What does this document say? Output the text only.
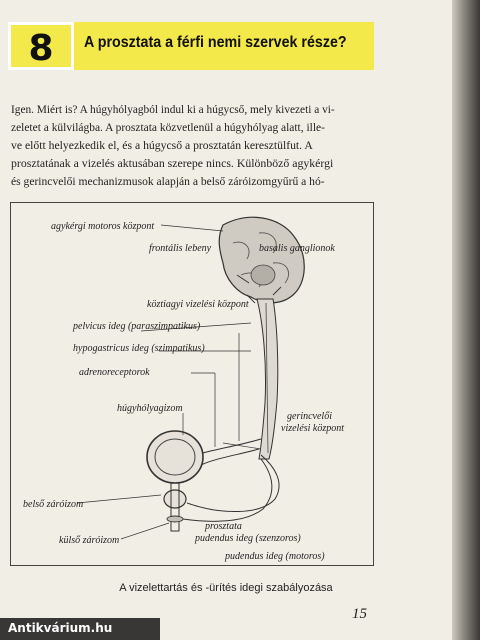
8	A prosztata a férfi nemi szervek része?
Igen. Miért is? A húgyhólyagból indul ki a húgycső, mely kivezeti a vi-
zeletet a külvilágba. A prosztata közvetlenül a húgyhólyag alatt, ille-
ve előtt helyezkedik el, és a húgycső a prosztatán keresztülfut. A
prosztatának a vizelés aktusában szerepe nincs. Különböző agykérgi
és gerincvelői mechanizmusok alapján a belső záróizomgyűrű a hó-
agykérgi motoros központ
frontális lebeny	basalis ganglionok
köztiagyi vizelési központ
pelvicus ideg (paraszimpatikus)
hypogastricus ideg (szimpatikus)
adrenoreceptorok
húgyhólyagizom
gerincvelői
vizelési központ
belső záróizom
prosztata
pudendus ideg (szenzoros)
külső záróizom
pudendus ideg (motoros)
A vizelettartás és -ürítés idegi szabályozása
15
Antikvárium.hu
